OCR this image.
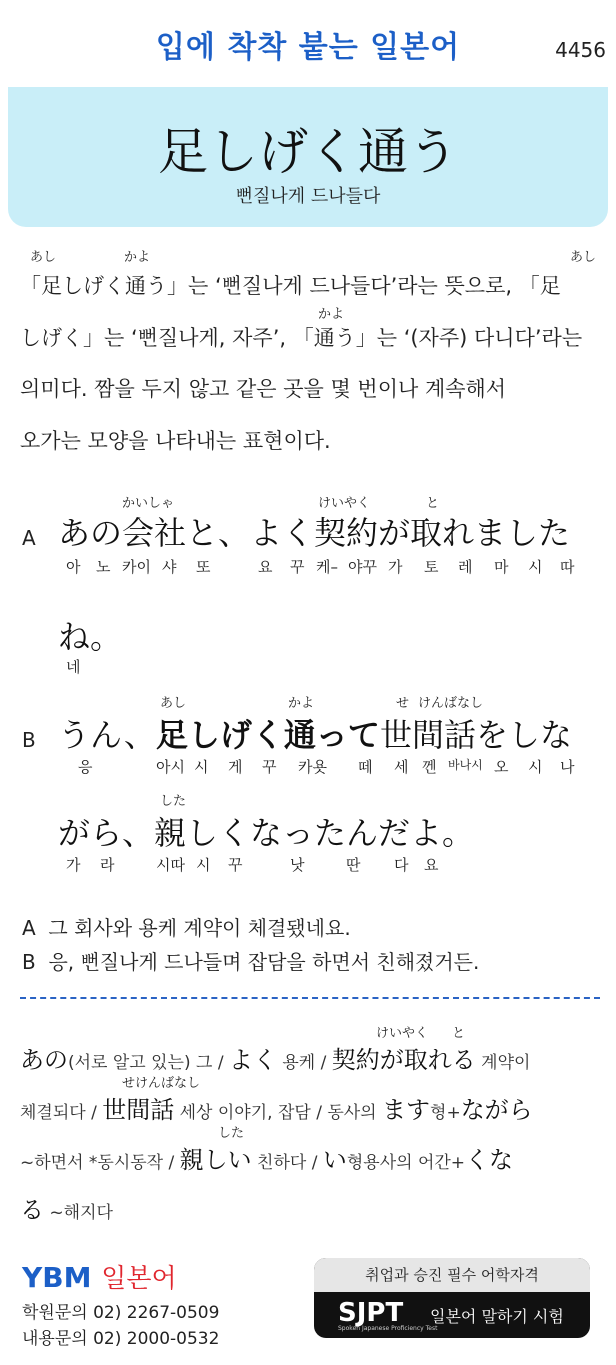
입에 착착 붙는 일본어	4456
足しげく通う
뻔질나게 드나들다
あし	かよ	あし
「足しげく通う」는 ‘뻔질나게 드나들다’라는 뜻으로, 「足
かよ
しげく」는 ‘뻔질나게, 자주’, 「通う」는 ‘(자주) 다니다’라는
의미다. 짬을 두지 않고 같은 곳을 몇 번이나 계속해서
오가는 모양을 나타내는 표현이다.
A
かいしゃ	けいやく	と
あの会社と、よく契約が取れました
아 노 카이 샤 또	요 꾸 케– 야꾸 가 토 레 마 시 따
ね。
네
B
あし	かよ	せ けんばなし
うん、足しげく通って世間話をしな
응	아시 시 게 꾸 카욧 떼 세 껜 바나시 오 시 나
した
がら、親しくなったんだよ。
가 라	시따 시 꾸	낫	딴 다 요
A 그 회사와 용케 계약이 체결됐네요.
B 응, 뻔질나게 드나들며 잡담을 하면서 친해졌거든.
けいやく と
あの(서로 알고 있는) 그 / よく 용케 / 契約が取れる 계약이
せけんばなし
체결되다 / 世間話 세상 이야기, 잡담 / 동사의 ます형+ながら
した
~하면서 *동시동작 / 親しい 친하다 / い형용사의 어간+くな
る ~해지다
YBM 일본어
학원문의 02) 2267-0509
내용문의 02) 2000-0532
취업과 승진 필수 어학자격
SJPT
Spoken Japanese Proficiency Test
일본어 말하기 시험
